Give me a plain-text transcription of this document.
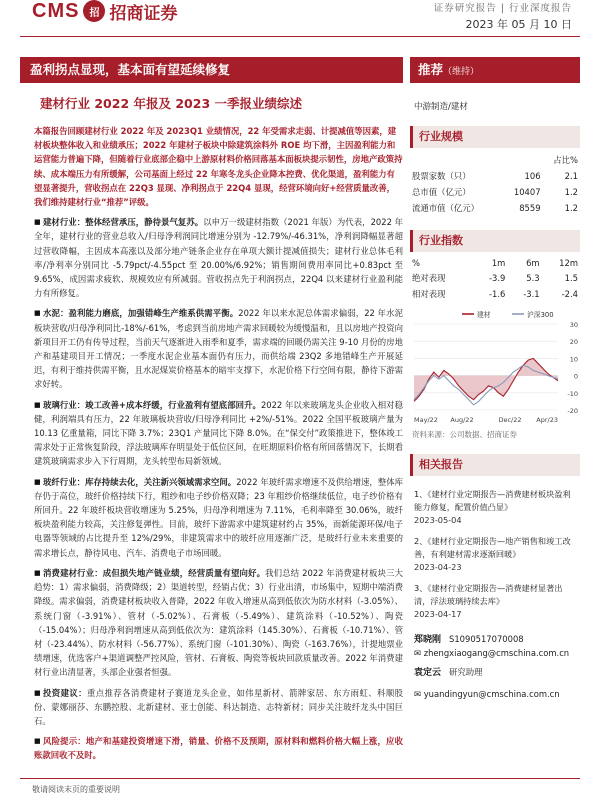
CMS	招 招商证券	证券研究报告 | 行业深度报告
2023 年 05 月 10 日
盈利拐点显现，基本面有望延续修复	推荐（维持）
建材行业 2022 年报及 2023 一季报业绩综述
本篇报告回顾建材行业 2022 年及 2023Q1 业绩情况，22 年受需求走弱、计提减值等因素，建材板块整体收入和业绩承压；2022 年建材子板块中除建筑涂料外 ROE 均下滑，主因盈利能力和运营能力普遍下降，但随着行业底部企稳中上游原材料价格回落基本面板块提示韧性，房地产政策持续、成本端压力有所缓解，公司基面上经过 22 年寒冬龙头企业降本控费、优化渠道，盈利能力有望显著提升，营收拐点在 22Q3 显现、净利拐点于 22Q4 显现，经营环境向好+经营质量改善，我们维持建材行业“推荐”评级。
■ 建材行业：整体经营承压，静待景气复苏。以申万一级建材指数（2021 年版）为代表，2022 年全年，建材行业的营业总收入/归母净利润同比增速分别为 -12.79%/-46.31%，净利润降幅显著超过营收降幅，主因成本高涨以及部分地产链条企业存在单项大额计提减值损失；建材行业总体毛利率/净利率分别同比 -5.79pct/-4.55pct 至 20.00%/6.92%；销售期间费用率同比+0.83pct 至 9.65%，成因需求疲软、规模效应有所减弱。营收拐点先于利润拐点，22Q4 以来建材行业盈利能力有所修复。
■ 水泥：盈利能力磨底，加强错峰生产维系供需平衡。2022 年以来水泥总体需求偏弱，22 年水泥板块营收/归母净利同比-18%/-61%，考虑到当前房地产需求回暖较为缓慢温和，且以房地产投资向新项目开工仍有传导过程，当前天气逐渐进入雨季和夏季，需求端的回暖仍需关注 9-10 月份的房地产和基建项目开工情况；一季度水泥企业基本面仍有压力，而供给端 23Q2 多地错峰生产开展延迟，有利于维持供需平衡，且水泥煤炭价格基本的暗牢支撑下，水泥价格下行空间有限，静待下游需求好转。
■ 玻璃行业：竣工改善+成本纾缓，行业盈利有望底部回升。2022 年以来玻璃龙头企业收入相对稳健，利润端具有压力，22 年玻璃板块营收/归母净利同比 +2%/-51%。2022 全国平板玻璃产量为 10.13 亿重量箱，同比下降 3.7%；23Q1 产量同比下降 8.0%。在“保交付”政策推进下，整体竣工需求处于正常恢复阶段，浮法玻璃库存明显处于低位区间，在旺期原料价格有所回落情况下，长期看建筑玻璃需求步入下行周期，龙头转型布局新领域。
■ 玻纤行业：库存持续去化，关注新兴领域需求空间。2022 年玻纤需求增速不及供给增速，整体库存仍于高位，玻纤价格持续下行，粗纱和电子纱价格双降；23 年粗纱价格继续低位，电子纱价格有所回升。22 年玻纤板块营收增速为 5.25%，归母净利增速为 7.11%，毛利率降至 30.06%，玻纤板块盈利能力较高，关注修复弹性。目前，玻纤下游需求中建筑建材约占 35%，而新能源环保/电子电器等领域的占比提升至 12%/29%，非建筑需求中的玻纤应用逐渐广泛，是玻纤行业未来重要的需求增长点，静待风电、汽车、消费电子市场回暖。
■ 消费建材行业：成但损失地产链业绩，经营质量有望向好。我们总结 2022 年消费建材板块三大趋势：1）需求偏弱，消费降级；2）渠道转型，经销占优；3）行业出清，市场集中，短期中端消费降级。需求偏弱，消费建材板块收入普降，2022 年收入增速从高到低依次为防水材料（-3.05%）、系统门窗（-3.91%）、管材（-5.02%）、石膏板（-5.49%）、建筑涂料（-10.52%）、陶瓷（-15.04%）；归母净利润增速从高到低依次为：建筑涂料（145.30%）、石膏板（-10.71%）、管材（-23.44%）、防水材料（-56.77%）、系统门窗（-101.30%）、陶瓷（-163.76%），计提地票业绩增速，优选客户+渠道调整严控风险，管材、石膏板、陶瓷等板块回款质量改善。2022 年消费建材行业出清显著，头部企业强者恒强。
■ 投资建议：重点推荐各消费建材子赛道龙头企业，如伟星新材、箭牌家居、东方雨虹、科顺股份、蒙娜丽莎、东鹏控股、北新建材、亚士创能、科达制造、志特新材；同步关注玻纤龙头中国巨石。
■ 风险提示：地产和基建投资增速下滑，销量、价格不及预期，原材料和燃料价格大幅上涨，应收账款回收不及时。
中游制造/建材
行业规模
		占比%
股票家数（只）	106	2.1
总市值（亿元）	10407	1.2
流通市值（亿元）	8559	1.2
行业指数
%	1m	6m	12m
绝对表现	-3.9	5.3	1.5
相对表现	-1.6	-3.1	-2.4
30
20
10
0
-10
-20
May/22 Aug/22	Dec/22 Apr/23
建材	沪深300
资料来源：公司数据、招商证券
相关报告
1、《建材行业定期报告—消费建材板块盈利能力修复，配置价值凸显》
2023-05-04
2、《建材行业定期报告—地产销售和竣工改善，有利建材需求逐渐回暖》
2023-04-23
3、《建材行业定期报告—消费建材显著出清，浮法玻璃持续去库》
2023-04-17
郑晓刚 S1090517070008
✉ zhengxiaogang@cmschina.com.cn
袁定云 研究助理
✉ yuandingyun@cmschina.com.cn
敬请阅读末页的重要说明
